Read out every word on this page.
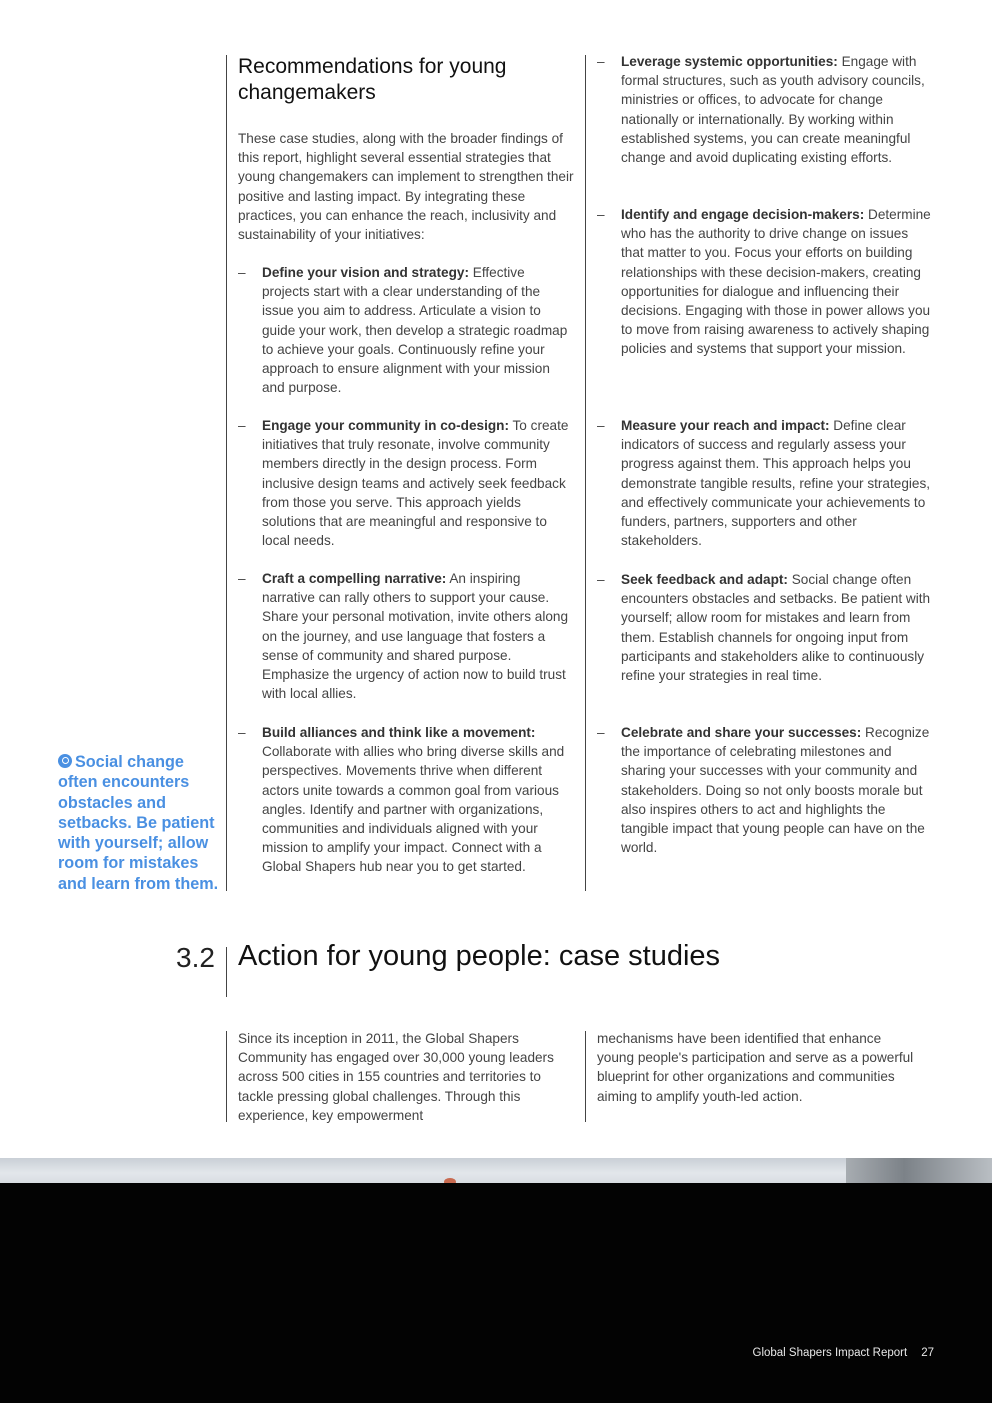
Recommendations for young changemakers

These case studies, along with the broader findings of this report, highlight several essential strategies that young changemakers can implement to strengthen their positive and lasting impact. By integrating these practices, you can enhance the reach, inclusivity and sustainability of your initiatives:

– Define your vision and strategy: Effective projects start with a clear understanding of the issue you aim to address. Articulate a vision to guide your work, then develop a strategic roadmap to achieve your goals. Continuously refine your approach to ensure alignment with your mission and purpose.
– Engage your community in co-design: To create initiatives that truly resonate, involve community members directly in the design process. Form inclusive design teams and actively seek feedback from those you serve. This approach yields solutions that are meaningful and responsive to local needs.
– Craft a compelling narrative: An inspiring narrative can rally others to support your cause. Share your personal motivation, invite others along on the journey, and use language that fosters a sense of community and shared purpose. Emphasize the urgency of action now to build trust with local allies.
– Build alliances and think like a movement: Collaborate with allies who bring diverse skills and perspectives. Movements thrive when different actors unite towards a common goal from various angles. Identify and partner with organizations, communities and individuals aligned with your mission to amplify your impact. Connect with a Global Shapers hub near you to get started.
– Leverage systemic opportunities: Engage with formal structures, such as youth advisory councils, ministries or offices, to advocate for change nationally or internationally. By working within established systems, you can create meaningful change and avoid duplicating existing efforts.
– Identify and engage decision-makers: Determine who has the authority to drive change on issues that matter to you. Focus your efforts on building relationships with these decision-makers, creating opportunities for dialogue and influencing their decisions. Engaging with those in power allows you to move from raising awareness to actively shaping policies and systems that support your mission.
– Measure your reach and impact: Define clear indicators of success and regularly assess your progress against them. This approach helps you demonstrate tangible results, refine your strategies, and effectively communicate your achievements to funders, partners, supporters and other stakeholders.
– Seek feedback and adapt: Social change often encounters obstacles and setbacks. Be patient with yourself; allow room for mistakes and learn from them. Establish channels for ongoing input from participants and stakeholders alike to continuously refine your strategies in real time.
– Celebrate and share your successes: Recognize the importance of celebrating milestones and sharing your successes with your community and stakeholders. Doing so not only boosts morale but also inspires others to act and highlights the tangible impact that young people can have on the world.

Social change often encounters obstacles and setbacks. Be patient with yourself; allow room for mistakes and learn from them.

3.2 Action for young people: case studies

Since its inception in 2011, the Global Shapers Community has engaged over 30,000 young leaders across 500 cities in 155 countries and territories to tackle pressing global challenges. Through this experience, key empowerment

mechanisms have been identified that enhance young people's participation and serve as a powerful blueprint for other organizations and communities aiming to amplify youth-led action.

Global Shapers Impact Report 27
